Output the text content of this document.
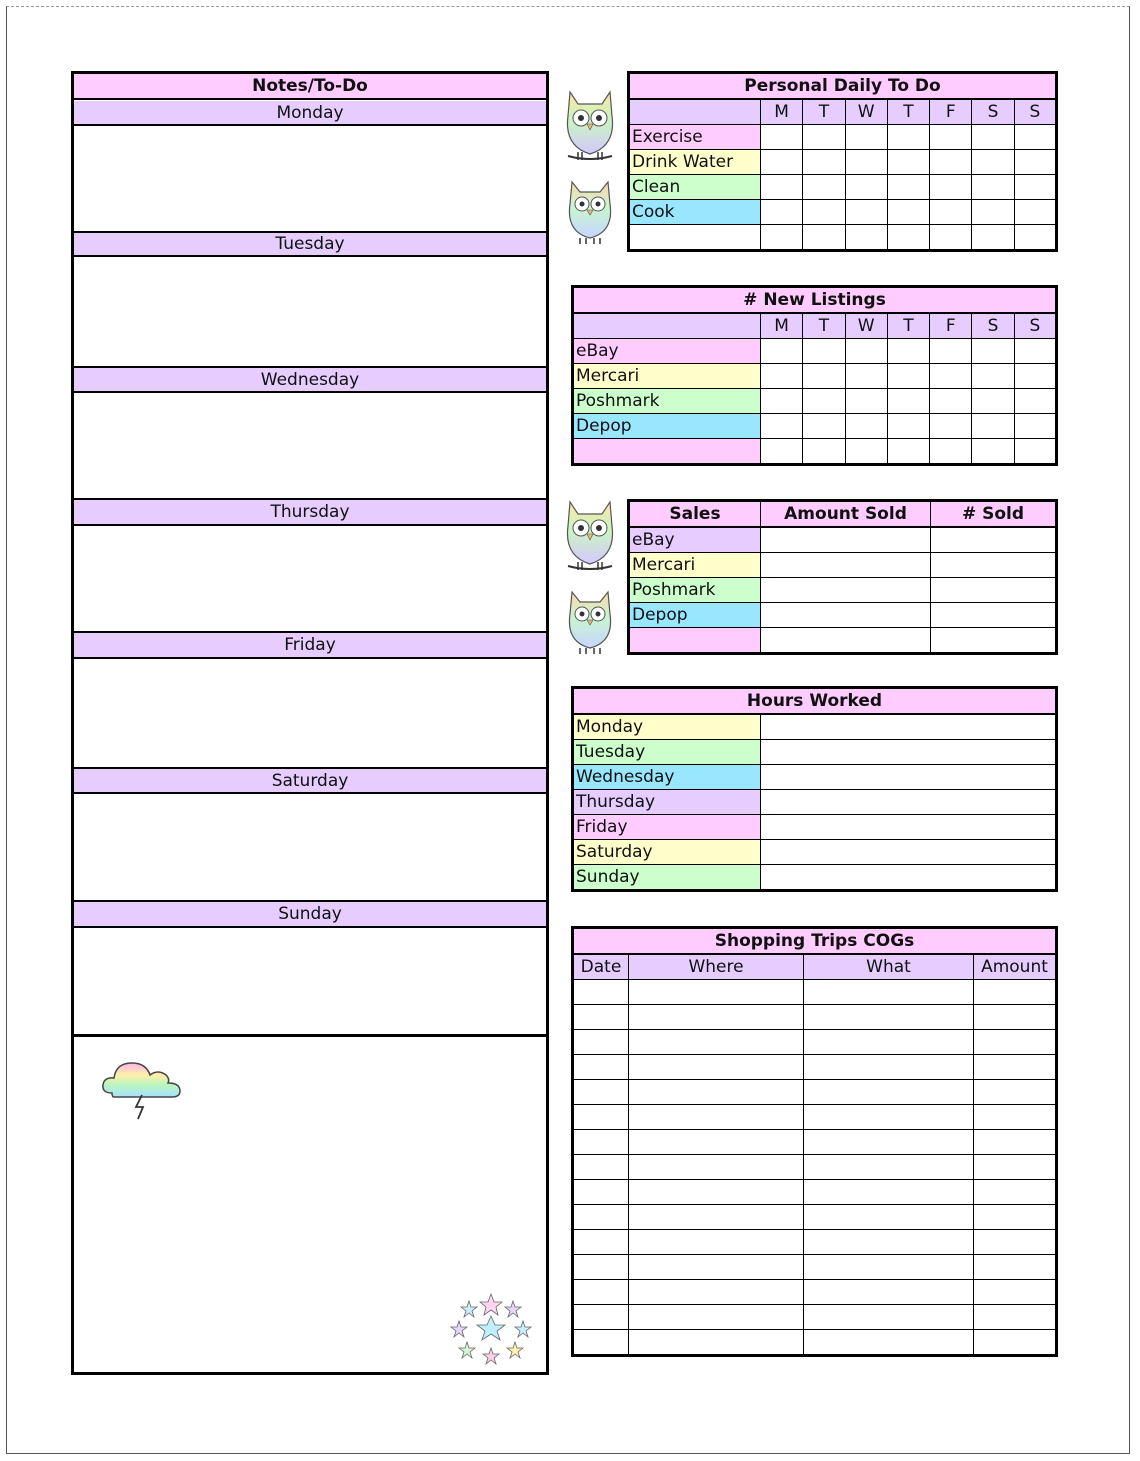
Notes/To-Do
Monday
Tuesday
Wednesday
Thursday
Friday
Saturday
Sunday
Personal Daily To Do							
	M	T	W	T	F	S	S
Exercise							
Drink Water							
Clean							
Cook							

# New Listings							
	M	T	W	T	F	S	S
eBay							
Mercari							
Poshmark							
Depop							

Sales	Amount Sold	# Sold
eBay		
Mercari		
Poshmark		
Depop		

Hours Worked	
Monday	
Tuesday	
Wednesday	
Thursday	
Friday	
Saturday	
Sunday	
Shopping Trips COGs			
Date	Where	What	Amount
